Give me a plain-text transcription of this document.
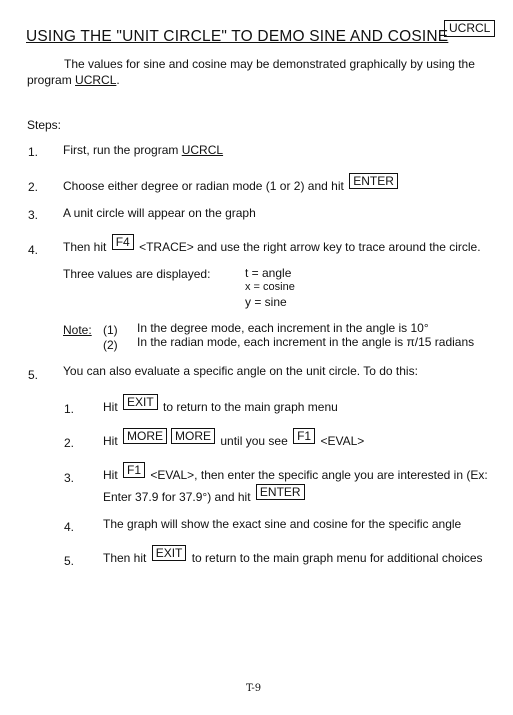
USING THE "UNIT CIRCLE" TO DEMO SINE AND COSINE UCRCL
The values for sine and cosine may be demonstrated graphically by using the
program UCRCL.
Steps:
1. First, run the program UCRCL
2. Choose either degree or radian mode (1 or 2) and hit ENTER
3. A unit circle will appear on the graph
4. Then hit F4 <TRACE> and use the right arrow key to trace around the circle.
Three values are displayed:	t = angle
x = cosine
y = sine
Note: (1) In the degree mode, each increment in the angle is 10°
(2) In the radian mode, each increment in the angle is π/15 radians
5. You can also evaluate a specific angle on the unit circle. To do this:
1. Hit EXIT to return to the main graph menu
2. Hit MORE MORE until you see F1 <EVAL>
3. Hit F1 <EVAL>, then enter the specific angle you are interested in (Ex:
Enter 37.9 for 37.9°) and hit ENTER
4. The graph will show the exact sine and cosine for the specific angle
5. Then hit EXIT to return to the main graph menu for additional choices
T-9
